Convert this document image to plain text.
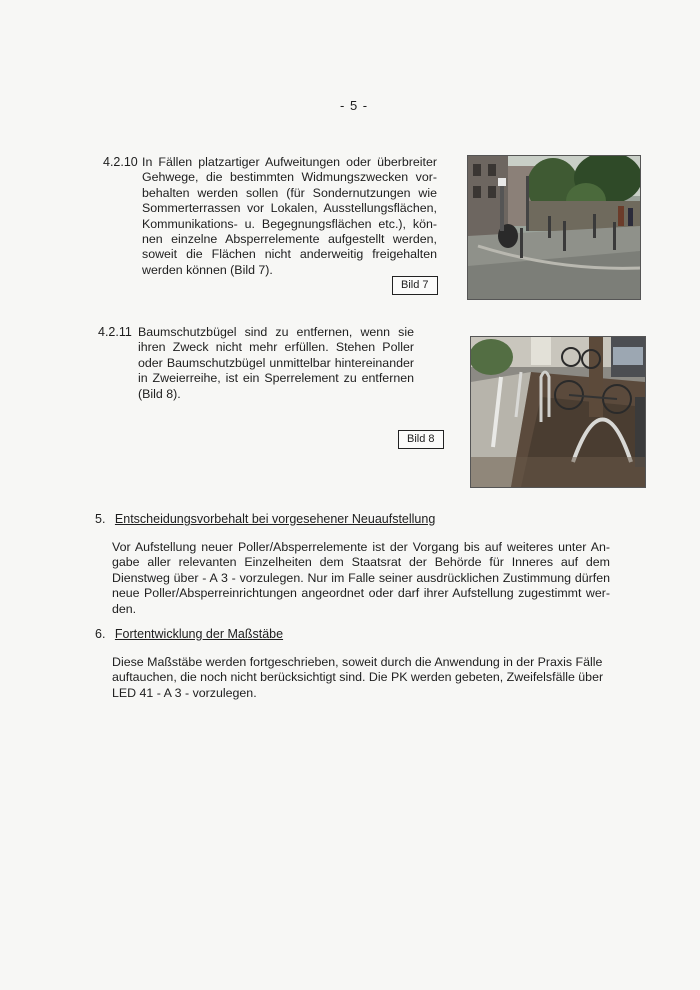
- 5 -
4.2.10 In Fällen platzartiger Aufweitungen oder überbreiter
Gehwege, die bestimmten Widmungszwecken vor-
behalten werden sollen (für Sondernutzungen wie
Sommerterrassen vor Lokalen, Ausstellungsflächen,
Kommunikations- u. Begegnungsflächen etc.), kön-
nen einzelne Absperrelemente aufgestellt werden,
soweit die Flächen nicht anderweitig freigehalten
werden können (Bild 7).
Bild 7
4.2.11 Baumschutzbügel sind zu entfernen, wenn sie
ihren Zweck nicht mehr erfüllen. Stehen Poller
oder Baumschutzbügel unmittelbar hintereinander
in Zweierreihe, ist ein Sperrelement zu entfernen
(Bild 8).
Bild 8
5. Entscheidungsvorbehalt bei vorgesehener Neuaufstellung
Vor Aufstellung neuer Poller/Absperrelemente ist der Vorgang bis auf weiteres unter An-
gabe aller relevanten Einzelheiten dem Staatsrat der Behörde für Inneres auf dem
Dienstweg über - A 3 - vorzulegen. Nur im Falle seiner ausdrücklichen Zustimmung dürfen
neue Poller/Absperreinrichtungen angeordnet oder darf ihrer Aufstellung zugestimmt wer-
den.
6. Fortentwicklung der Maßstäbe
Diese Maßstäbe werden fortgeschrieben, soweit durch die Anwendung in der Praxis Fälle
auftauchen, die noch nicht berücksichtigt sind. Die PK werden gebeten, Zweifelsfälle über
LED 41 - A 3 - vorzulegen.
